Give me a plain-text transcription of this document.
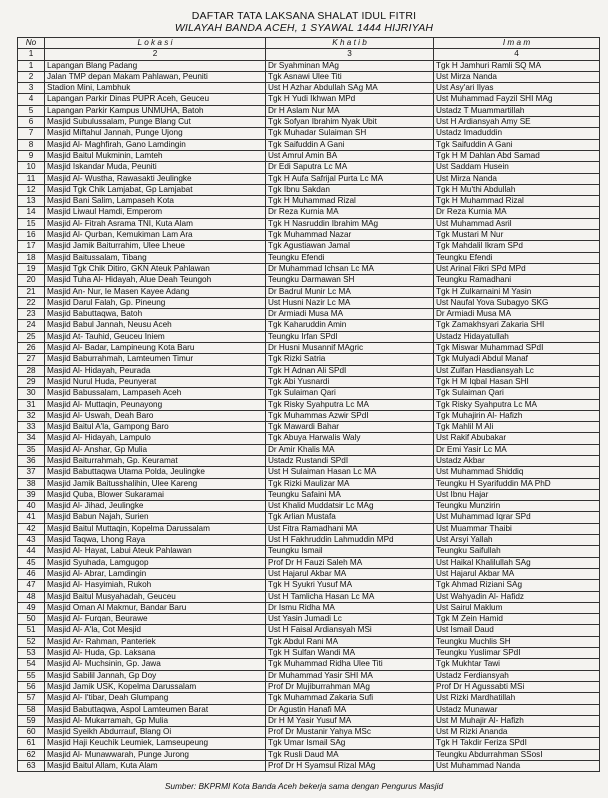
DAFTAR TATA LAKSANA SHALAT IDUL FITRI
WILAYAH BANDA ACEH, 1 SYAWAL 1444 HIJRIYAH
No	L o k a s i	K h a t i b	I m a m
1	2	3	4
1	Lapangan Blang Padang	Dr Syahminan MAg	Tgk H Jamhuri Ramli SQ MA
2	Jalan TMP depan Makam Pahlawan, Peuniti	Tgk Asnawi Ulee Titi	Ust Mirza Nanda
3	Stadion Mini, Lambhuk	Ust H Azhar Abdullah SAg MA	Ust Asy'ari Ilyas
4	Lapangan Parkir Dinas PUPR Aceh, Geuceu	Tgk H Yudi Ikhwan MPd	Ust Muhammad Fayzil SHI MAg
5	Lapangan Parkir Kampus UNMUHA, Batoh	Dr H Aslam Nur MA	Ustadz T Muammartillah
6	Masjid Subulussalam, Punge Blang Cut	Tgk Sofyan Ibrahim Nyak Ubit	Ust H Ardiansyah Amy SE
7	Masjid Miftahul Jannah, Punge Ujong	Tgk Muhadar Sulaiman SH	Ustadz Imaduddin
8	Masjid Al- Maghfirah, Gano Lamdingin	Tgk Saifuddin A Gani	Tgk Saifuddin A Gani
9	Masjid Baitul Mukminin, Lamteh	Ust Amrul Amin BA	Tgk H M Dahlan Abd Samad
10	Masjid Iskandar Muda, Peuniti	Dr Edi Saputra Lc MA	Ust Saddam Husein
11	Masjid Al- Wustha, Rawasakti Jeulingke	Tgk H Aufa Safrijal Purta Lc MA	Ust Mirza Nanda
12	Masjid Tgk Chik Lamjabat, Gp Lamjabat	Tgk Ibnu Sakdan	Tgk H Mu'thi Abdullah
13	Masjid Bani Salim, Lampaseh Kota	Tgk H Muhammad Rizal	Tgk H Muhammad Rizal
14	Masjid Liwaul Hamdi, Emperom	Dr Reza Kurnia MA	Dr Reza Kurnia MA
15	Masjid Al- Fitrah Asrama TNI, Kuta Alam	Tgk H Nasruddin Ibrahim MAg	Ust Muhammad Asril
16	Masjid Al- Qurban, Kemukiman Lam Ara	Tgk Muhammad Nazar	Tgk Mustari M Nur
17	Masjid Jamik Baiturrahim, Ulee Lheue	Tgk Agustiawan Jamal	Tgk Mahdalil Ikram SPd
18	Masjid Baitussalam, Tibang	Teungku Efendi	Teungku Efendi
19	Masjid Tgk Chik Ditiro, GKN Ateuk Pahlawan	Dr Muhammad Ichsan Lc MA	Ust Arinal Fikri SPd MPd
20	Masjid Tuha Al- Hidayah, Alue Deah Teungoh	Teungku Darmawan SH	Teungku Ramadhani
21	Masjid An- Nur, Ie Masen Kayee Adang	Dr Badrul Munir Lc MA	Tgk H Zulkarnaini M Yasin
22	Masjid Darul Falah, Gp. Pineung	Ust Husni Nazir Lc MA	Ust Naufal Yova Subagyo SKG
23	Masjid Babuttaqwa, Batoh	Dr Armiadi Musa MA	Dr Armiadi Musa MA
24	Masjid Babul Jannah, Neusu Aceh	Tgk Kaharuddin Amin	Tgk Zamakhsyari Zakaria SHI
25	Masjid At- Tauhid, Geuceu Iniem	Teungku Irfan SPdI	Ustadz Hidayatullah
26	Masjid Al- Badar, Lampineung Kota Baru	Dr Husni Musannif MAgric	Tgk Miswar Muhammad SPdI
27	Masjid Baburrahmah, Lamteumen Timur	Tgk Rizki Satria	Tgk Mulyadi Abdul Manaf
28	Masjid Al- Hidayah, Peurada	Tgk H Adnan Ali SPdI	Ust Zulfan Hasdiansyah Lc
29	Masjid Nurul Huda, Peunyerat	Tgk Abi Yusnardi	Tgk H M Iqbal Hasan SHI
30	Masjid Babussalam, Lampaseh Aceh	Tgk Sulaiman Qari	Tgk Sulaiman Qari
31	Masjid Al- Muttaqin, Peunayong	Tgk Risky Syahputra Lc MA	Tgk Risky Syahputra Lc MA
32	Masjid Al- Uswah, Deah Baro	Tgk Muhammas Azwir SPdI	Tgk Muhajirin Al- Hafizh
33	Masjid Baitul A'la, Gampong Baro	Tgk Mawardi Bahar	Tgk Mahlil M Ali
34	Masjid Al- Hidayah, Lampulo	Tgk Abuya Harwalis Waly	Ust Rakif Abubakar
35	Masjid Al- Anshar, Gp Mulia	Dr Amir Khalis MA	Dr Emi Yasir Lc MA
36	Masjid Baiturrahmah, Gp. Keuramat	Ustadz Rustandi SPdI	Ustadz Akbar
37	Masjid Babuttaqwa Utama Polda, Jeulingke	Ust H Sulaiman Hasan Lc MA	Ust Muhammad Shiddiq
38	Masjid Jamik Baitusshalihin, Ulee Kareng	Tgk Rizki Maulizar MA	Teungku H Syarifuddin MA PhD
39	Masjid Quba, Blower Sukaramai	Teungku Safaini MA	Ust Ibnu Hajar
40	Masjid Al- Jihad, Jeulingke	Ust Khalid Muddatsir Lc MAg	Teungku Munzirin
41	Masjid Babun Najah, Surien	Tgk Arlian Mustafa	Ust Muhammad Iqrar SPd
42	Masjid Baitul Muttaqin, Kopelma Darussalam	Ust Fitra Ramadhani MA	Ust Muammar Thaibi
43	Masjid Taqwa, Lhong Raya	Ust H Fakhruddin Lahmuddin MPd	Ust Arsyi Yallah
44	Masjid Al- Hayat, Labui Ateuk Pahlawan	Teungku Ismail	Teungku Saifullah
45	Masjid Syuhada, Lamgugop	Prof Dr H Fauzi Saleh MA	Ust Haikal Khalilullah SAg
46	Masjid Al- Abrar, Lamdingin	Ust Hajarul Akbar MA	Ust Hajarul Akbar MA
47	Masjid Al- Hasyimiah, Rukoh	Tgk H Syukri Yusuf MA	Tgk Ahmad Riziani SAg
48	Masjid Baitul Musyahadah, Geuceu	Ust H Tamlicha Hasan Lc MA	Ust Wahyadin Al- Hafidz
49	Masjid Oman Al Makmur, Bandar Baru	Dr Ismu Ridha MA	Ust Sairul Maklum
50	Masjid Al- Furqan, Beurawe	Ust Yasin Jumadi Lc	Tgk M Zein Hamid
51	Masjid Al- A'la, Cot Mesjid	Ust H Faisal Ardiansyah MSi	Ust Ismail Daud
52	Masjid Ar- Rahman, Panteriek	Tgk Abdul Rani MA	Teungku Muchlis SH
53	Masjid Al- Huda, Gp. Laksana	Tgk H Sulfan Wandi MA	Teungku Yuslimar SPdI
54	Masjid Al- Muchsinin, Gp. Jawa	Tgk Muhammad Ridha Ulee Titi	Tgk Mukhtar Tawi
55	Masjid Sabilil Jannah, Gp Doy	Dr Muhammad Yasir SHI MA	Ustadz Ferdiansyah
56	Masjid Jamik USK, Kopelma Darussalam	Prof Dr Mujiburrahman MAg	Prof Dr H Agussabti MSi
57	Masjid Al- I'tibar, Deah Glumpang	Tgk Muhammad Zakaria Sufi	Ust Rizki Mardhatillah
58	Masjid Babuttaqwa, Aspol Lamteumen Barat	Dr Agustin Hanafi MA	Ustadz Munawar
59	Masjid Al- Mukarramah, Gp Mulia	Dr H M Yasir Yusuf MA	Ust M Muhajir Al- Hafizh
60	Masjid Syeikh Abdurrauf, Blang Oi	Prof Dr Mustanir Yahya MSc	Ust M Rizki Ananda
61	Masjid Haji Keuchik Leumiek, Lamseupeung	Tgk Umar Ismail SAg	Tgk H Takdir Feriza SPdI
62	Masjid Al- Munawwarah, Punge Jurong	Tgk Rusli Daud MA	Teungku Abdurrahman SSosI
63	Masjid Baitul Allam, Kuta Alam	Prof Dr H Syamsul Rizal MAg	Ust Muhammad Nanda
Sumber: BKPRMI Kota Banda Aceh bekerja sama dengan Pengurus Masjid
